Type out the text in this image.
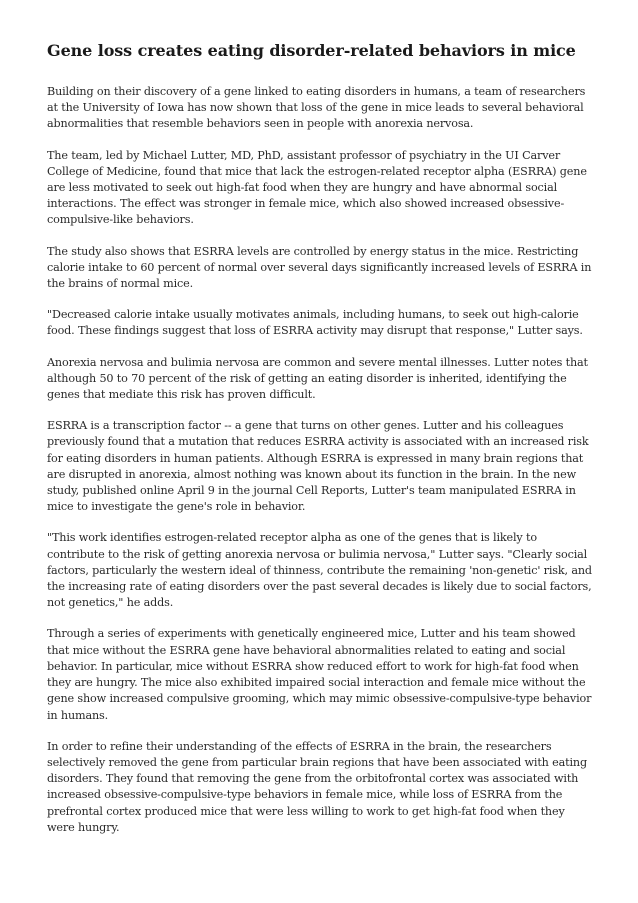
Gene loss creates eating disorder-related behaviors in mice

Building on their discovery of a gene linked to eating disorders in humans, a team of researchers at the University of Iowa has now shown that loss of the gene in mice leads to several behavioral abnormalities that resemble behaviors seen in people with anorexia nervosa.

The team, led by Michael Lutter, MD, PhD, assistant professor of psychiatry in the UI Carver College of Medicine, found that mice that lack the estrogen-related receptor alpha (ESRRA) gene are less motivated to seek out high-fat food when they are hungry and have abnormal social interactions. The effect was stronger in female mice, which also showed increased obsessive-compulsive-like behaviors.

The study also shows that ESRRA levels are controlled by energy status in the mice. Restricting calorie intake to 60 percent of normal over several days significantly increased levels of ESRRA in the brains of normal mice.

"Decreased calorie intake usually motivates animals, including humans, to seek out high-calorie food. These findings suggest that loss of ESRRA activity may disrupt that response," Lutter says.

Anorexia nervosa and bulimia nervosa are common and severe mental illnesses. Lutter notes that although 50 to 70 percent of the risk of getting an eating disorder is inherited, identifying the genes that mediate this risk has proven difficult.

ESRRA is a transcription factor -- a gene that turns on other genes. Lutter and his colleagues previously found that a mutation that reduces ESRRA activity is associated with an increased risk for eating disorders in human patients. Although ESRRA is expressed in many brain regions that are disrupted in anorexia, almost nothing was known about its function in the brain. In the new study, published online April 9 in the journal Cell Reports, Lutter's team manipulated ESRRA in mice to investigate the gene's role in behavior.

"This work identifies estrogen-related receptor alpha as one of the genes that is likely to contribute to the risk of getting anorexia nervosa or bulimia nervosa," Lutter says. "Clearly social factors, particularly the western ideal of thinness, contribute the remaining 'non-genetic' risk, and the increasing rate of eating disorders over the past several decades is likely due to social factors, not genetics," he adds.

Through a series of experiments with genetically engineered mice, Lutter and his team showed that mice without the ESRRA gene have behavioral abnormalities related to eating and social behavior. In particular, mice without ESRRA show reduced effort to work for high-fat food when they are hungry. The mice also exhibited impaired social interaction and female mice without the gene show increased compulsive grooming, which may mimic obsessive-compulsive-type behavior in humans.

In order to refine their understanding of the effects of ESRRA in the brain, the researchers selectively removed the gene from particular brain regions that have been associated with eating disorders. They found that removing the gene from the orbitofrontal cortex was associated with increased obsessive-compulsive-type behaviors in female mice, while loss of ESRRA from the prefrontal cortex produced mice that were less willing to work to get high-fat food when they were hungry.
